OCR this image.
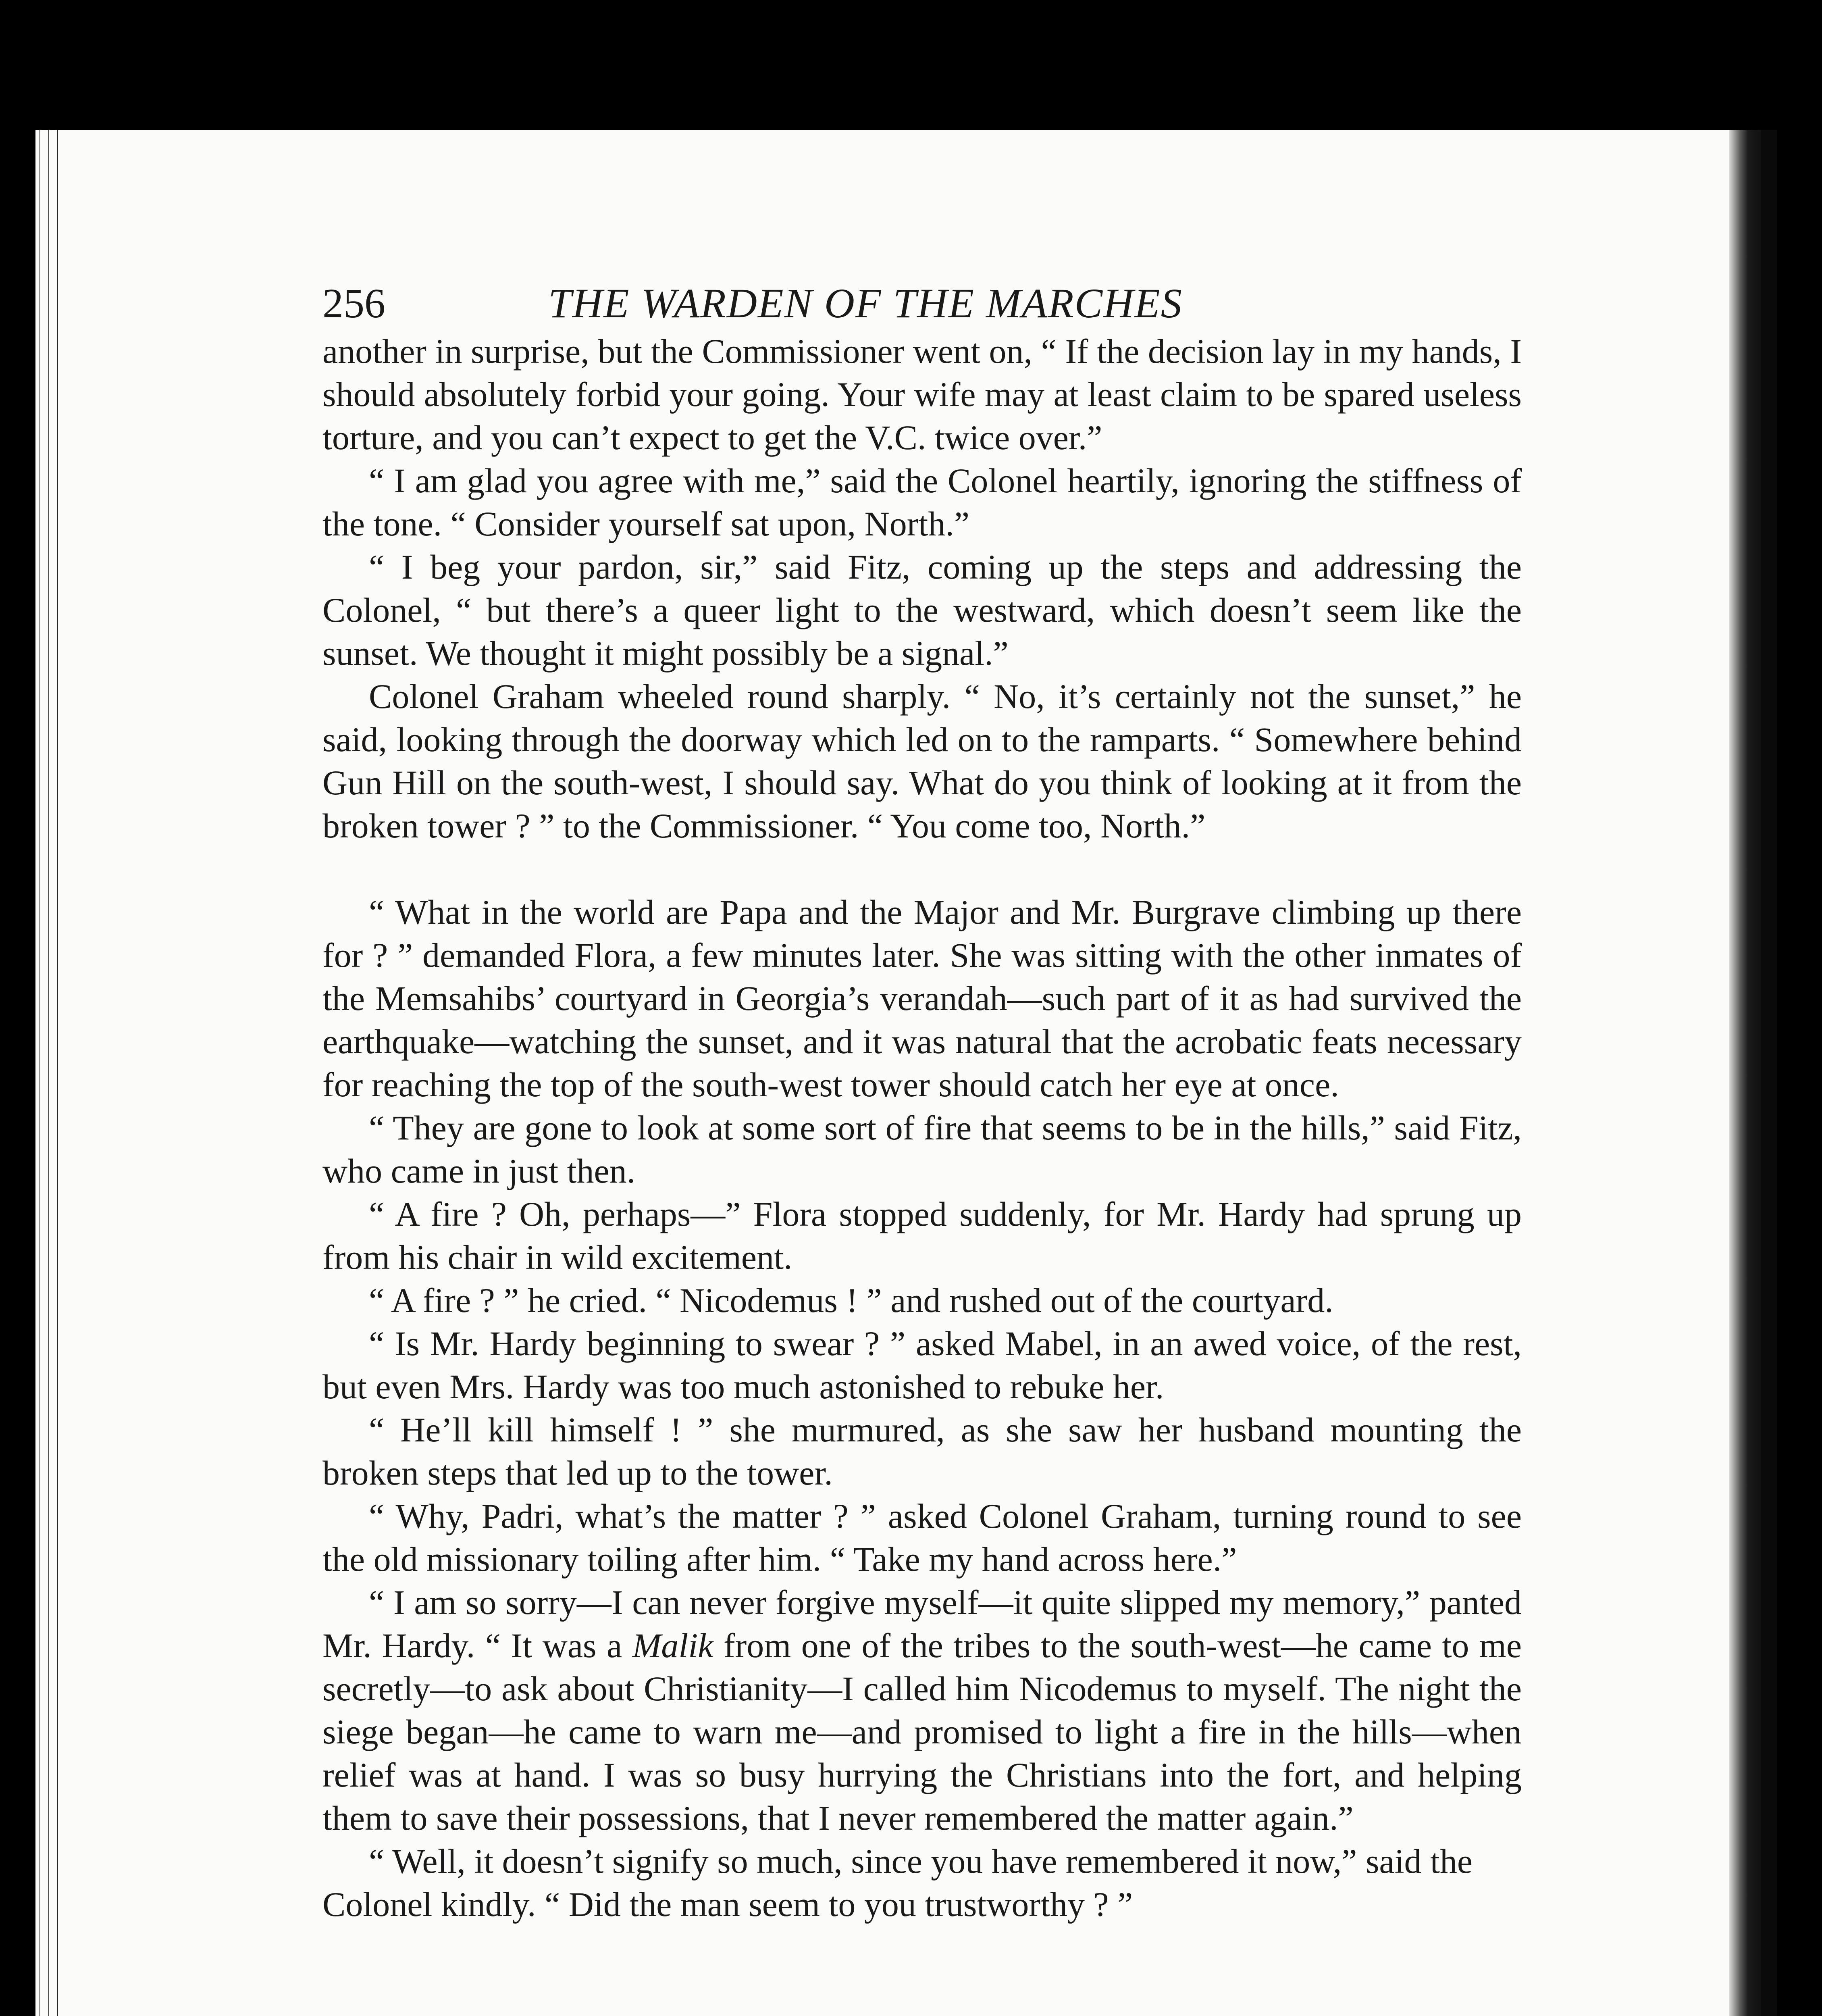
256	THE WARDEN OF THE MARCHES

another in surprise, but the Commissioner went on, “ If the decision lay in my hands, I should absolutely forbid your going. Your wife may at least claim to be spared useless torture, and you can’t expect to get the V.C. twice over.”

“ I am glad you agree with me,” said the Colonel heartily, ignoring the stiffness of the tone. “ Consider yourself sat upon, North.”

“ I beg your pardon, sir,” said Fitz, coming up the steps and addressing the Colonel, “ but there’s a queer light to the westward, which doesn’t seem like the sunset. We thought it might possibly be a signal.”

Colonel Graham wheeled round sharply. “ No, it’s certainly not the sunset,” he said, looking through the doorway which led on to the ramparts. “ Somewhere behind Gun Hill on the south-west, I should say. What do you think of looking at it from the broken tower ? ” to the Commissioner. “ You come too, North.”

“ What in the world are Papa and the Major and Mr. Burgrave climbing up there for ? ” demanded Flora, a few minutes later. She was sitting with the other inmates of the Memsahibs’ courtyard in Georgia’s verandah—such part of it as had survived the earthquake—watching the sunset, and it was natural that the acrobatic feats necessary for reaching the top of the south-west tower should catch her eye at once.

“ They are gone to look at some sort of fire that seems to be in the hills,” said Fitz, who came in just then.

“ A fire ? Oh, perhaps—” Flora stopped suddenly, for Mr. Hardy had sprung up from his chair in wild excitement.

“ A fire ? ” he cried. “ Nicodemus ! ” and rushed out of the courtyard.

“ Is Mr. Hardy beginning to swear ? ” asked Mabel, in an awed voice, of the rest, but even Mrs. Hardy was too much astonished to rebuke her.

“ He’ll kill himself ! ” she murmured, as she saw her husband mounting the broken steps that led up to the tower.

“ Why, Padri, what’s the matter ? ” asked Colonel Graham, turning round to see the old missionary toiling after him. “ Take my hand across here.”

“ I am so sorry—I can never forgive myself—it quite slipped my memory,” panted Mr. Hardy. “ It was a Malik from one of the tribes to the south-west—he came to me secretly—to ask about Christianity—I called him Nicodemus to myself. The night the siege began—he came to warn me—and promised to light a fire in the hills—when relief was at hand. I was so busy hurrying the Christians into the fort, and helping them to save their possessions, that I never remembered the matter again.”

“ Well, it doesn’t signify so much, since you have remembered it now,” said the Colonel kindly. “ Did the man seem to you trustworthy ? ”
